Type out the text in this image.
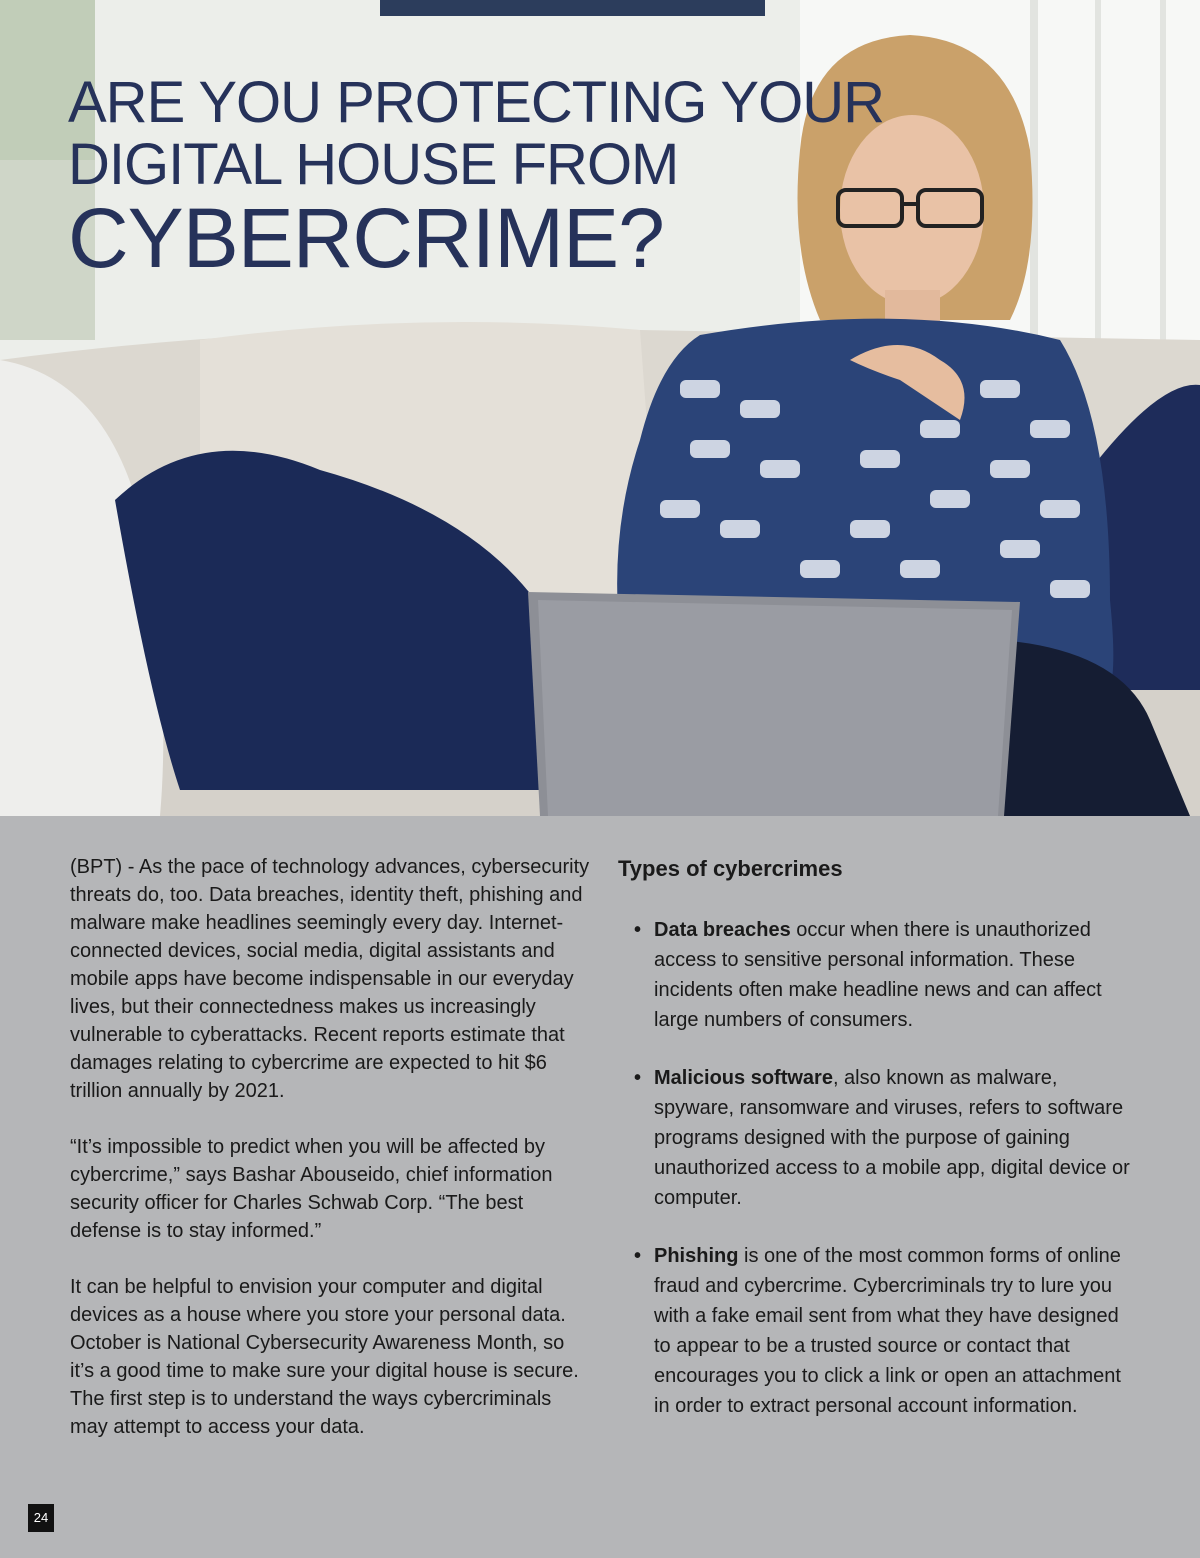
ARE YOU PROTECTING YOUR
DIGITAL HOUSE FROM
CYBERCRIME?

(BPT) - As the pace of technology advances, cybersecurity threats do, too. Data breaches, identity theft, phishing and malware make headlines seemingly every day. Internet-connected devices, social media, digital assistants and mobile apps have become indispensable in our everyday lives, but their connectedness makes us increasingly vulnerable to cyberattacks. Recent reports estimate that damages relating to cybercrime are expected to hit $6 trillion annually by 2021.

“It’s impossible to predict when you will be affected by cybercrime,” says Bashar Abouseido, chief information security officer for Charles Schwab Corp. “The best defense is to stay informed.”

It can be helpful to envision your computer and digital devices as a house where you store your personal data. October is National Cybersecurity Awareness Month, so it’s a good time to make sure your digital house is secure. The first step is to understand the ways cybercriminals may attempt to access your data.

Types of cybercrimes
• Data breaches occur when there is unauthorized access to sensitive personal information. These incidents often make headline news and can affect large numbers of consumers.
• Malicious software, also known as malware, spyware, ransomware and viruses, refers to software programs designed with the purpose of gaining unauthorized access to a mobile app, digital device or computer.
• Phishing is one of the most common forms of online fraud and cybercrime. Cybercriminals try to lure you with a fake email sent from what they have designed to appear to be a trusted source or contact that encourages you to click a link or open an attachment in order to extract personal account information.
24
